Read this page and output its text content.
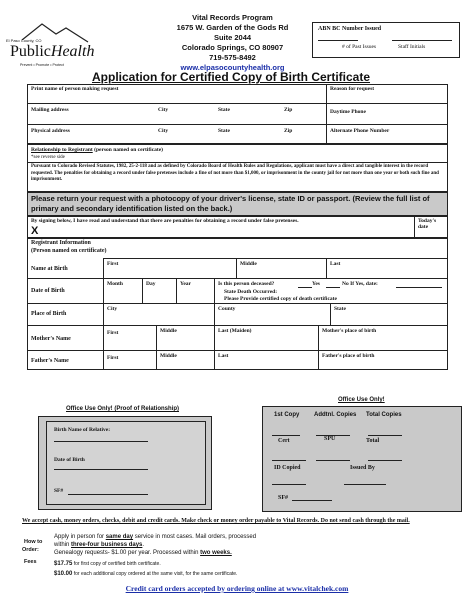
El Paso County, CO
PublicHealth
Prevent • Promote • Protect
Vital Records Program
1675 W. Garden of the Gods Rd
Suite 2044
Colorado Springs, CO 80907
719-575-8492
www.elpasocountyhealth.org
ABN BC Number Issued
# of Past Issues	Staff Initials
Application for Certified Copy of Birth Certificate
Print name of person making request	Reason for request
Mailing address	City	State	Zip	Daytime Phone
Physical address	City	State	Zip	Alternate Phone Number
Relationship to Registrant (person named on certificate)
*see reverse side
Pursuant to Colorado Revised Statutes, 1982, 25-2-118 and as defined by Colorado Board of Health Rules and Regulations, applicant must have a direct and tangible interest in the record requested. The penalties for obtaining a record under false pretenses include a fine of not more than $1,000, or imprisonment in the county jail for not more than one year or both such fine and imprisonment.
Please return your request with a photocopy of your driver's license, state ID or passport. (Review the full list of primary and secondary identification listed on the back.)
By signing below, I have read and understand that there are penalties for obtaining a record under false pretenses.	Today's date
X
Registrant Information
(Person named on certificate)
Name at Birth
First	Middle	Last
Date of Birth
Month	Day	Year	Is this person deceased?	Yes	No If Yes, date:
State Death Occurred:
Please Provide certified copy of death certificate
Place of Birth
City	County	State
Mother's Name
First	Middle	Last (Maiden)	Mother's place of birth
Father's Name	First	Middle	Last	Father's place of birth
Office Use Only! (Proof of Relationship)
Birth Name of Relative:
Date of Birth
SF#
Office Use Only!
1st Copy Addtnl. Copies Total Copies
Cert	SPU	Total
ID Copied	Issued By
SF#
We accept cash, money orders, checks, debit and credit cards. Make check or money order payable to Vital Records. Do not send cash through the mail.
How to
Order:
Apply in person for same day service in most cases. Mail orders, processed
within three-four business days.
Genealogy requests- $1.00 per year. Processed within two weeks.
Fees	$17.75 for first copy of certified birth certificate.
$10.00 for each additional copy ordered at the same visit, for the same certificate.
Credit card orders accepted by ordering online at www.vitalchek.com
